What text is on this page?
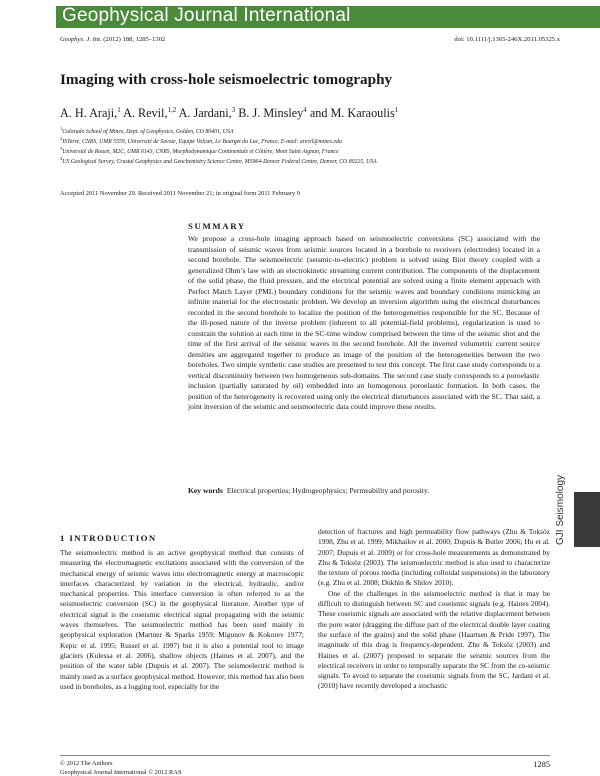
Geophysical Journal International
Geophys. J. Int. (2012) 188, 1285–1302	doi: 10.1111/j.1365-246X.2011.05325.x
Imaging with cross-hole seismoelectric tomography
A. H. Araji,$^1$ A. Revil,$^{1,2}$ A. Jardani,$^3$ B. J. Minsley$^4$ and M. Karaoulis$^1$
$^1$Colorado School of Mines, Dept. of Geophysics, Golden, CO 80401, USA
$^2$ISTerre, CNRS, UMR 5559, Université de Savoie, Equipe Volcan, Le Bourget du Lac, France. E-mail: arevil@mines.edu
$^3$Université de Rouen, M2C, UMR 6143, CNRS, Morphodynamique Continentale et Côtière, Mont Saint Aignan, France
$^4$US Geological Survey, Crustal Geophysics and Geochemistry Science Centre, MS964-Denver Federal Centre, Denver, CO 80225, USA
Accepted 2011 November 29. Received 2011 November 21; in original form 2011 February 9
SUMMARY
We propose a cross-hole imaging approach based on seismoelectric conversions (SC) associated with the transmission of seismic waves from seismic sources located in a borehole to receivers (electrodes) located in a second borehole. The seismoelectric (seismic-to-electric) problem is solved using Biot theory coupled with a generalized Ohm’s law with an electrokinetic streaming current contribution. The components of the displacement of the solid phase, the fluid pressure, and the electrical potential are solved using a finite element approach with Perfect Match Layer (PML) boundary conditions for the seismic waves and boundary conditions mimicking an infinite material for the electrostatic problem. We develop an inversion algorithm using the electrical disturbances recorded in the second borehole to localize the position of the heterogeneities responsible for the SC. Because of the ill-posed nature of the inverse problem (inherent to all potential-field problems), regularization is used to constrain the solution at each time in the SC-time window comprised between the time of the seismic shot and the time of the first arrival of the seismic waves in the second borehole. All the inverted volumetric current source densities are aggregated together to produce an image of the position of the heterogeneities between the two boreholes. Two simple synthetic case studies are presented to test this concept. The first case study corresponds to a vertical discontinuity between two homogeneous sub-domains. The second case study corresponds to a poroelastic inclusion (partially saturated by oil) embedded into an homogenous poroelastic formation. In both cases, the position of the heterogeneity is recovered using only the electrical disturbances associated with the SC. That said, a joint inversion of the seismic and seismoelectric data could improve these results.
Key words Electrical properties; Hydrogeophysics; Permeability and porosity.	GJI Seismology
1 INTRODUCTION
The seismoelectric method is an active geophysical method that consists of measuring the electromagnetic excitations associated with the conversion of the mechanical energy of seismic waves into electromagnetic energy at macroscopic interfaces characterized by variation in the electrical, hydraulic, and/or mechanical properties. This interface conversion is often referred to as the seismoelectric conversion (SC) in the geophysical literature. Another type of electrical signal is the coseismic electrical signal propagating with the seismic waves themselves. The seismoelectric method has been used mainly in geophysical exploration (Martner & Sparks 1959; Migunov & Kokorev 1977; Kepic et al. 1995; Russel et al. 1997) but it is also a potential tool to image glaciers (Kulessa et al. 2006), shallow objects (Haines et al. 2007), and the position of the water table (Dupuis et al. 2007). The seismoelectric method is mainly used as a surface geophysical method. However, this method has also been used in boreholes, as a logging tool, especially for the

detection of fractures and high permeability flow pathways (Zhu & Toksöz 1998, Zhu et al. 1999; Mikhailov et al. 2000; Dupuis & Butler 2006; Hu et al. 2007; Dupuis et al. 2009) or for cross-hole measurements as demonstrated by Zhu & Toksöz (2003). The seismoelectric method is also used to characterize the texture of porous media (including colloidal suspensions) in the laboratory (e.g. Zhu et al. 2008; Dukhin & Shilov 2010).

One of the challenges in the seismoelectric method is that it may be difficult to distinguish between SC and coseismic signals (e.g. Haines 2004). These coseismic signals are associated with the relative displacement between the pore water (dragging the diffuse part of the electrical double layer coating the surface of the grains) and the solid phase (Haartsen & Pride 1997). The magnitude of this drag is frequency-dependent. Zhu & Toksöz (2003) and Haines et al. (2007) proposed to separate the seismic sources from the electrical receivers in order to temporally separate the SC from the co-seismic signals. To avoid to separate the coseismic signals from the SC, Jardani et al. (2010) have recently developed a stochastic

© 2012 The Authors
Geophysical Journal International © 2012 RAS
1285
